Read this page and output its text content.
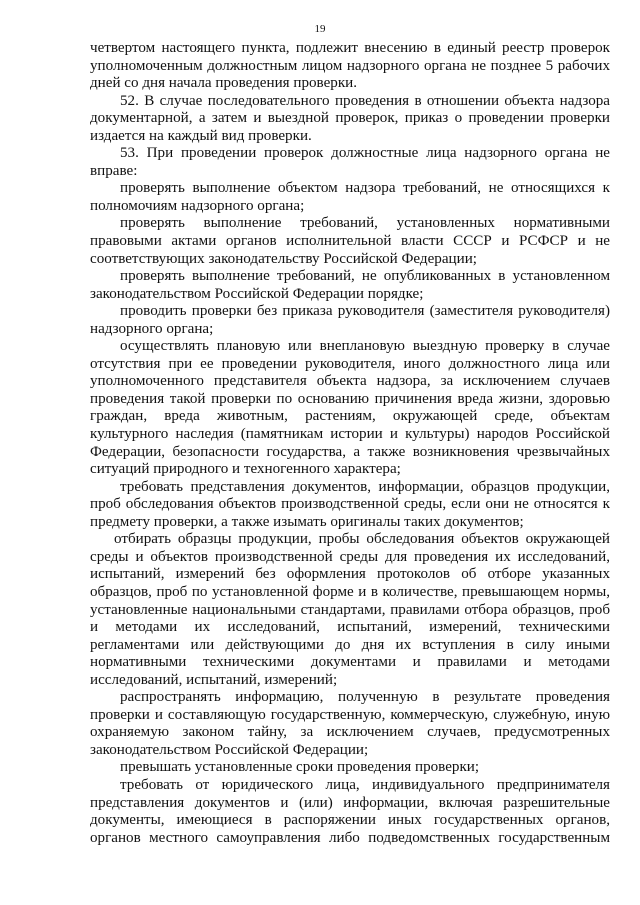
19

четвертом настоящего пункта, подлежит внесению в единый реестр проверок уполномоченным должностным лицом надзорного органа не позднее 5 рабочих дней со дня начала проведения проверки.

52. В случае последовательного проведения в отношении объекта надзора документарной, а затем и выездной проверок, приказ о проведении проверки издается на каждый вид проверки.

53. При проведении проверок должностные лица надзорного органа не вправе:

проверять выполнение объектом надзора требований, не относящихся к полномочиям надзорного органа;

проверять выполнение требований, установленных нормативными правовыми актами органов исполнительной власти СССР и РСФСР и не соответствующих законодательству Российской Федерации;

проверять выполнение требований, не опубликованных в установленном законодательством Российской Федерации порядке;

проводить проверки без приказа руководителя (заместителя руководителя) надзорного органа;

осуществлять плановую или внеплановую выездную проверку в случае отсутствия при ее проведении руководителя, иного должностного лица или уполномоченного представителя объекта надзора, за исключением случаев проведения такой проверки по основанию причинения вреда жизни, здоровью граждан, вреда животным, растениям, окружающей среде, объектам культурного наследия (памятникам истории и культуры) народов Российской Федерации, безопасности государства, а также возникновения чрезвычайных ситуаций природного и техногенного характера;

требовать представления документов, информации, образцов продукции, проб обследования объектов производственной среды, если они не относятся к предмету проверки, а также изымать оригиналы таких документов;

отбирать образцы продукции, пробы обследования объектов окружающей среды и объектов производственной среды для проведения их исследований, испытаний, измерений без оформления протоколов об отборе указанных образцов, проб по установленной форме и в количестве, превышающем нормы, установленные национальными стандартами, правилами отбора образцов, проб и методами их исследований, испытаний, измерений, техническими регламентами или действующими до дня их вступления в силу иными нормативными техническими документами и правилами и методами исследований, испытаний, измерений;

распространять информацию, полученную в результате проведения проверки и составляющую государственную, коммерческую, служебную, иную охраняемую законом тайну, за исключением случаев, предусмотренных законодательством Российской Федерации;

превышать установленные сроки проведения проверки;

требовать от юридического лица, индивидуального предпринимателя представления документов и (или) информации, включая разрешительные документы, имеющиеся в распоряжении иных государственных органов, органов местного самоуправления либо подведомственных государственным
